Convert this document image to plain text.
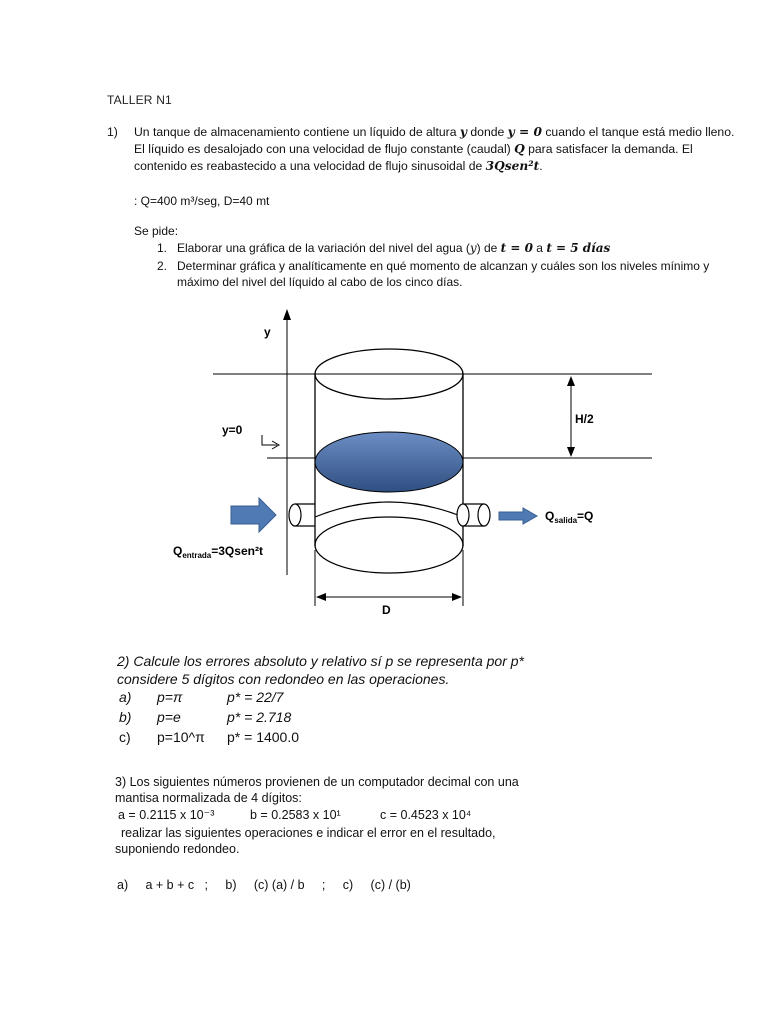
TALLER N1
1) Un tanque de almacenamiento contiene un líquido de altura y donde y = 0 cuando el tanque está medio lleno.
El líquido es desalojado con una velocidad de flujo constante (caudal) Q para satisfacer la demanda. El
contenido es reabastecido a una velocidad de flujo sinusoidal de 3Qsen²t.
: Q=400 m³/seg, D=40 mt
Se pide:
1. Elaborar una gráfica de la variación del nivel del agua (y) de t = 0 a t = 5 días
2. Determinar gráfica y analíticamente en qué momento de alcanzan y cuáles son los niveles mínimo y
máximo del nivel del líquido al cabo de los cinco días.
y
y=0
H/2
$Q_{entrada}=3Qsen^2t$
$Q_{salida}=Q$
D
2) Calcule los errores absoluto y relativo sí p se representa por p*
considere 5 dígitos con redondeo en las operaciones.
a) p=π	p* = 22/7
b) p=e	p* = 2.718
c) p=10^π p* = 1400.0
3) Los siguientes números provienen de un computador decimal con una
mantisa normalizada de 4 dígitos:
a = 0.2115 x 10⁻³	b = 0.2583 x 10¹	c = 0.4523 x 10⁴
realizar las siguientes operaciones e indicar el error en el resultado,
suponiendo redondeo.
a)     a + b + c   ;     b)     (c) (a) / b     ;     c)     (c) / (b)
